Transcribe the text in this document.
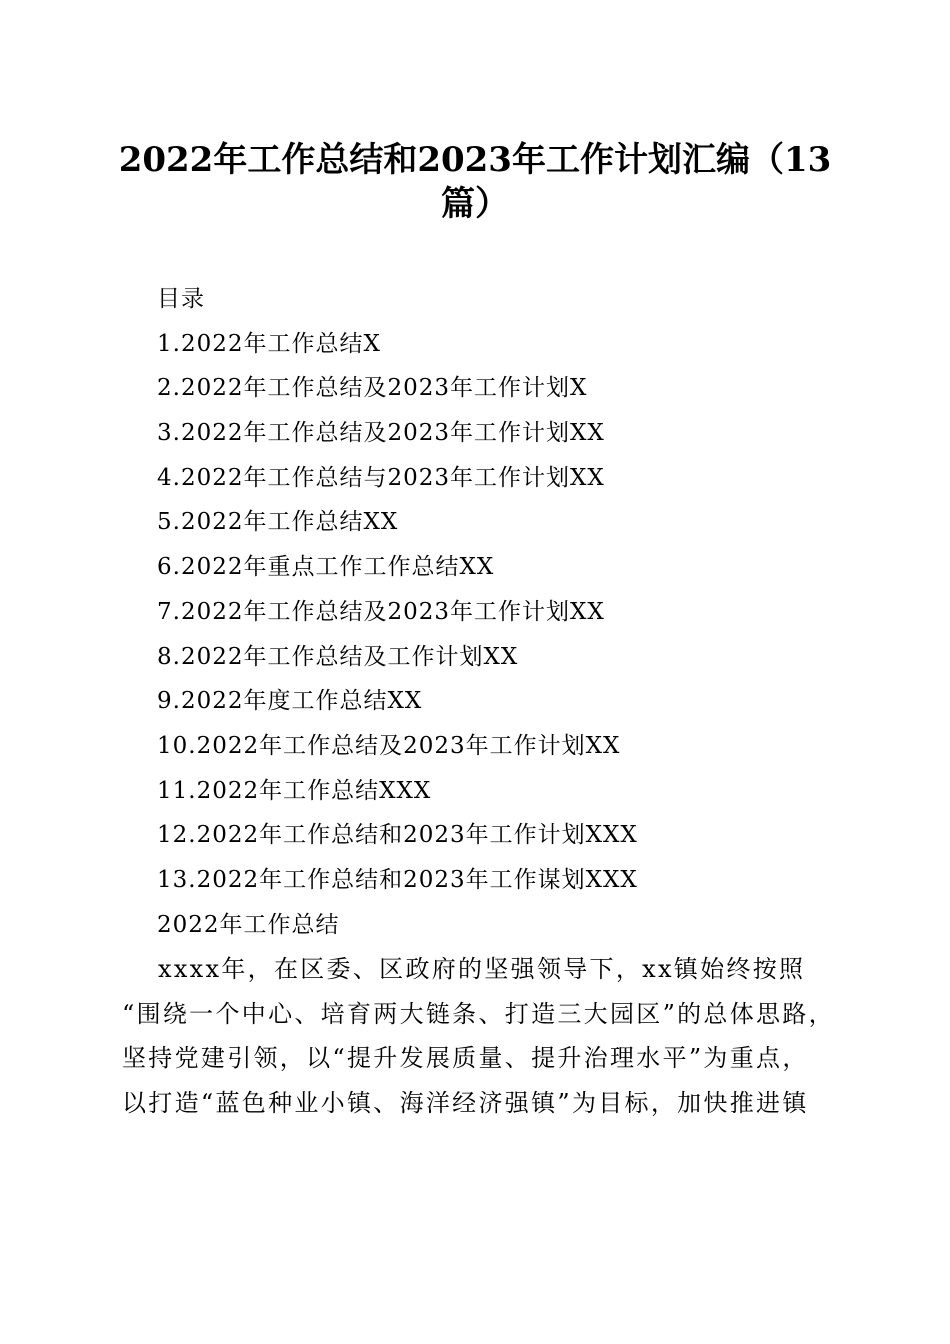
2022年工作总结和2023年工作计划汇编（13
篇）
目录
1.2022年工作总结X
2.2022年工作总结及2023年工作计划X
3.2022年工作总结及2023年工作计划XX
4.2022年工作总结与2023年工作计划XX
5.2022年工作总结XX
6.2022年重点工作工作总结XX
7.2022年工作总结及2023年工作计划XX
8.2022年工作总结及工作计划XX
9.2022年度工作总结XX
10.2022年工作总结及2023年工作计划XX
11.2022年工作总结XXX
12.2022年工作总结和2023年工作计划XXX
13.2022年工作总结和2023年工作谋划XXX
2022年工作总结

xxxx年，在区委、区政府的坚强领导下，xx镇始终按照
“围绕一个中心、培育两大链条、打造三大园区”的总体思路，
坚持党建引领，以“提升发展质量、提升治理水平”为重点，
以打造“蓝色种业小镇、海洋经济强镇”为目标，加快推进镇
